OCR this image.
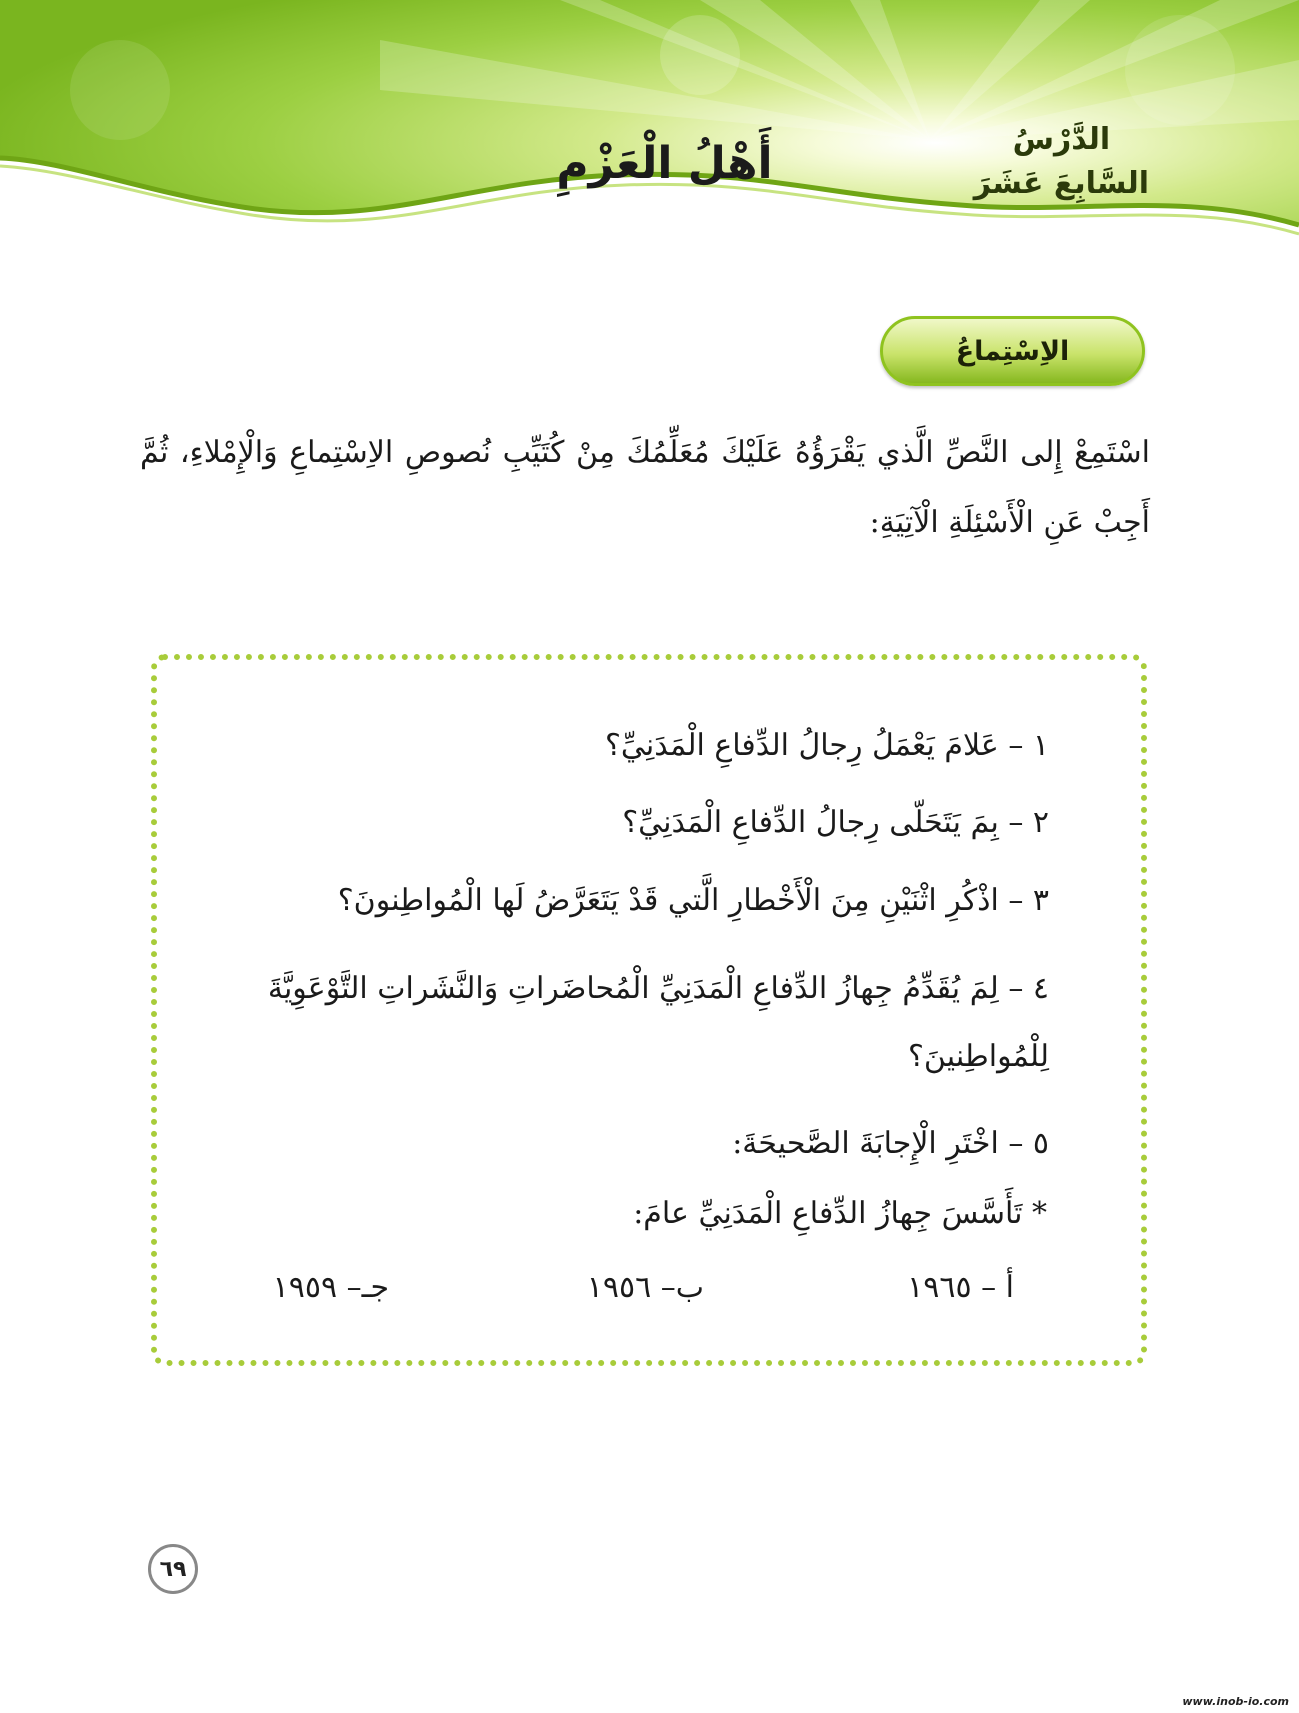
الدَّرْسُ
السَّابِعَ عَشَرَ
أَهْلُ الْعَزْمِ
الاِسْتِماعُ
اسْتَمِعْ إِلى النَّصِّ الَّذي يَقْرَؤُهُ عَلَيْكَ مُعَلِّمُكَ مِنْ كُتَيِّبِ نُصوصِ الاِسْتِماعِ وَالْإِمْلاءِ، ثُمَّ أَجِبْ عَنِ الْأَسْئِلَةِ الْآتِيَةِ:
١ – عَلامَ يَعْمَلُ رِجالُ الدِّفاعِ الْمَدَنِيِّ؟
٢ – بِمَ يَتَحَلّى رِجالُ الدِّفاعِ الْمَدَنِيِّ؟
٣ – اذْكُرِ اثْنَيْنِ مِنَ الْأَخْطارِ الَّتي قَدْ يَتَعَرَّضُ لَها الْمُواطِنونَ؟
٤ – لِمَ يُقَدِّمُ جِهازُ الدِّفاعِ الْمَدَنِيِّ الْمُحاضَراتِ وَالنَّشَراتِ التَّوْعَوِيَّةَ لِلْمُواطِنينَ؟
٥ – اخْتَرِ الْإِجابَةَ الصَّحيحَةَ:
* تَأَسَّسَ جِهازُ الدِّفاعِ الْمَدَنِيِّ عامَ:
أ – ١٩٦٥
ب– ١٩٥٦
جـ– ١٩٥٩
٦٩
www.inob-io.com
